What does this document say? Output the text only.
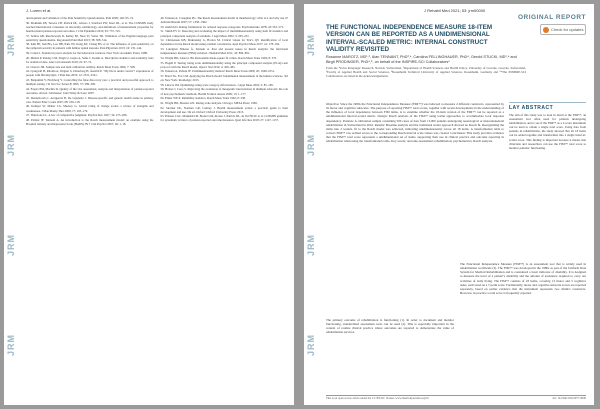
JRM
JRM
JRM
JRM
J. Lorem et al.

development and validation of the Pain Sensitivity Questionnaire. Pain 2009; 146: 65–74.

36. Mokkink LB, Terwee CB, Patrick DL, Alonso J, Stratford PW, Knol DL, et al. The COSMIN study reached international consensus on taxonomy, terminology, and definitions of measurement properties for health-related patient-reported outcomes. J Clin Epidemiol 2010; 63: 737–745.

37. Sellers AB, Ruscheweyh R, Kelley BJ, Ness TJ, Vetter TR. Validation of the English language pain sensitivity questionnaire. Reg Anesth Pain Med 2013; 38: 508–514.

38. Kim HJ, Suh BG, Lee DB, Park JW, Kang KT, Chang BS, et al. The influence of pain sensitivity on the symptom severity in patients with lumbar spinal stenosis. Pain Physician 2013; 16: 135–144.

39. Cohen J. Statistical power analysis for the behavioral sciences. New York: Academic Press; 1988.

40. Mishra P, Pandey CM, Singh U, Gupta A, Sahu C, Keshri A. Descriptive statistics and normality tests for statistical data. Ann Card Anaesth 2019; 22: 67–72.

41. Linacre JM. Sample size and item calibration stability. Rasch Meas Trans 1994; 7: 328.

42. Ljungvall H, Rhodin A, Wagner S, Zetterberg H, Åsenlöf P. “My life is under control”: experiences of people with fibromyalgia. J Pain Res 2019; 12: 2531–2541.

43. Benjamini Y, Hochberg Y. Controlling the false discovery rate: a practical and powerful approach to multiple testing. J R Stat Soc Series B 1995; 57: 289–300.

44. Fayers PM, Machin D. Quality of life: the assessment, analysis and interpretation of patient-reported outcomes. 2nd ed. Chichester: John Wiley & Sons; 2007.

45. Denneboom C, Aertgeerts B, De Lepeleire J. Disease-specific and generic health status in primary care. Patient Educ Couns 2007; 68: 109–118.

46. Kamper SJ, Maher CG, Mackay G. Global rating of change scales: a review of strengths and weaknesses. J Man Manip Ther 2009; 17: 163–170.

47. Thurstone LL. A law of comparative judgment. Psychol Rev 1927; 34: 273–286.

48. Pallant JF, Tennant A. An introduction to the Rasch measurement model: an example using the Hospital Anxiety and Depression Scale (HADS). Br J Clin Psychol 2007; 46: 1–18.

49. Tennant A, Conaghan PG. The Rasch measurement model in rheumatology: what is it and why use it? Arthritis Rheum 2007; 57: 1358–1362.

50. Andrich D. Rating formulation for ordered response categories. Psychometrika 1978; 43: 561–573.

51. Smith EV Jr. Detecting and evaluating the impact of multidimensionality using item fit statistics and principal component analysis of residuals. J Appl Meas 2002; 3: 205–231.

52. Christensen KB, Makransky G, Horton M. Critical values for Yen’s Q3: identification of local dependence in the Rasch model using residual correlations. Appl Psychol Meas 2017; 41: 178–194.

53. Lundgren Nilsson Å, Tennant A. Past and present issues in Rasch analysis: the functional independence measure (FIM) revisited. J Rehabil Med 2011; 43: 884–891.

54. Wright BD, Linacre JM. Reasonable mean-square fit values. Rasch Meas Trans 1994; 8: 370.

55. Hagell P. Testing rating scale unidimensionality using the principal component analysis (PCA)/t-test protocol with the Rasch model. Open J Stat 2014; 4: 456–465.

56. Tennant A, Pallant JF. Unidimensionality matters! Rasch Meas Trans 2006; 20: 1048–1051.

57. Bond TG, Fox CM. Applying the Rasch model: fundamental measurement in the human sciences. 3rd ed. New York: Routledge; 2015.

58. Linacre JM. Optimizing rating scale category effectiveness. J Appl Meas 2002; 3: 85–106.

59. Hobart J, Cano S. Improving the evaluation of therapeutic interventions in multiple sclerosis: the role of new psychometric methods. Health Technol Assess 2009; 13: 1–177.

60. Fisher WP Jr. Reliability statistics. Rasch Meas Trans 1992; 6: 238.

61. Wright BD, Masters GN. Rating scale analysis. Chicago: MESA Press; 1982.

62. Streiner DL, Norman GR, Cairney J. Health measurement scales: a practical guide to their development and use. 5th ed. Oxford: Oxford University Press; 2015.

63. Prinsen CAC, Mokkink LB, Bouter LM, Alonso J, Patrick DL, de Vet HCW, et al. COSMIN guideline for systematic reviews of patient-reported outcome measures. Qual Life Res 2018; 27: 1147–1157.

JRM
JRM
JRM
JRM
J Rehabil Med 2021; 53: jrm00000
ORIGINAL REPORT
THE FUNCTIONAL INDEPENDENCE MEASURE 18-ITEM VERSION CAN BE REPORTED AS A UNIDIMENSIONAL INTERVAL-SCALED METRIC: INTERNAL CONSTRUCT VALIDITY REVISITED
Check for updates
Rosanne MAROTZ, MD¹,², Alan TENNANT, PhD³,⁴, Carolina FELLINGHAUER, PhD⁴, Gerold STUCKI, MD¹,⁴ and Birgit PRODINGER, PhD⁴,⁵, on behalf of the INSPIRE-SCI Collaborators*
From the ¹Swiss Paraplegic Research, Nottwil, Switzerland, ²Department of Health Sciences and Health Policy, University of Lucerne, Lucerne, Switzerland, ³Faculty of Applied Health and Social Sciences, ⁴Rosenheim Technical University of Applied Sciences, Rosenheim, Germany and ⁵*The INSPIRE-SCI Collaborators are listed in the Acknowledgements.
Objective: Since the 1980s the Functional Independence Measure (FIM™) was believed to measure 2 different constructs, represented by its motor and cognitive subscales. The purpose of reporting FIM™ total scores, together with recent developments in the understanding of the influence of local dependence between FIM items, is to examine whether the 18-item version of the FIM™ can be reported as a unidimensional interval-scaled metric. Design: Rasch analysis of the FIM™ using testlet approaches to accommodate local response dependency. Patients: A calibration sample containing 500 cases of data from 13,000 patients undergoing neurological or musculoskeletal rehabilitation in Switzerland in 2016. Results: Baseline analysis and the traditional testlet approach showed no Rasch fit. Reorganizing the items into 2 testlets, fit to the Rasch model was achieved, indicating unidimensionality across all 18 items. A transformation table to convert FIM™ raw ordinal scores to the corresponding Rasch interval scale values was created. Conclusion: This study provides evidence that the FIM™ total score represents a unidimensional set of items, supporting their use in clinical practice and outcome reporting in rehabilitation when using the transformation table. Key words: outcome assessment; rehabilitation; psychometrics; Rasch analysis.
LAY ABSTRACT

The aim of this study was to look in detail at the FIM™, an assessment tool often used for patients undergoing rehabilitation, and to see if the FIM™ as a 2-score instrument can be used to obtain a single total score. Using data from patients in rehabilitation, the study showed that all 18 items can be added together and transformed into a single interval-scaled score. This finding is important because it means that clinicians and researchers can use the FIM™ total score to monitor patients’ functioning.

The primary outcome of rehabilitation is functioning (1). In order to document and monitor functioning, standardized assessment tools can be used (2). This is especially important in the context of routine clinical practice where outcomes are reported to demonstrate the value of rehabilitation services.
The Functional Independence Measure (FIM™) is an assessment tool that is widely used in rehabilitation worldwide (3). The FIM™ was developed in the 1980s as part of the Uniform Data System for Medical Rehabilitation and is considered a basic indicator of disability. It is designed to measure the level of a patient’s disability and the amount of assistance required to carry out activities of daily living. The FIM™ consists of 18 items, covering 13 motor and 5 cognitive tasks, each rated on a 7-point scale. Traditionally, motor and cognitive subscale scores are reported separately, based on earlier evidence that the instrument represents two distinct constructs. However, in practice a total score is frequently reported.
This is an open access article under the CC BY-NC license. www.medicaljournals.se/jrm	doi: 10.2340/16501977-0000
